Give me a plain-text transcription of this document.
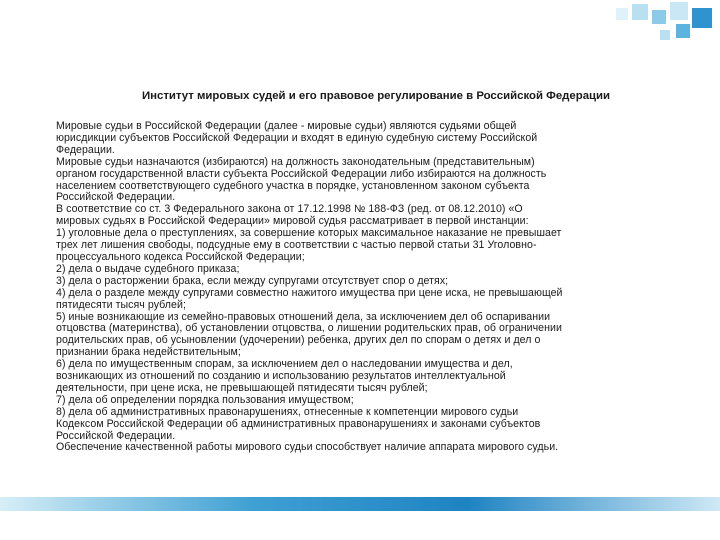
Институт мировых судей и его правовое регулирование в Российской Федерации
Мировые судьи в Российской Федерации (далее - мировые судьи) являются судьями общей
юрисдикции субъектов Российской Федерации и входят в единую судебную систему Российской
Федерации.
Мировые судьи назначаются (избираются) на должность законодательным (представительным)
органом государственной власти субъекта Российской Федерации либо избираются на должность
населением соответствующего судебного участка в порядке, установленном законом субъекта
Российской Федерации.
В соответствие со ст. 3 Федерального закона от 17.12.1998 № 188-ФЗ (ред. от 08.12.2010) «О
мировых судьях в Российской Федерации» мировой судья рассматривает в первой инстанции:
1) уголовные дела о преступлениях, за совершение которых максимальное наказание не превышает
трех лет лишения свободы, подсудные ему в соответствии с частью первой статьи 31 Уголовно-
процессуального кодекса Российской Федерации;
2) дела о выдаче судебного приказа;
3) дела о расторжении брака, если между супругами отсутствует спор о детях;
4) дела о разделе между супругами совместно нажитого имущества при цене иска, не превышающей
пятидесяти тысяч рублей;
5) иные возникающие из семейно-правовых отношений дела, за исключением дел об оспаривании
отцовства (материнства), об установлении отцовства, о лишении родительских прав, об ограничении
родительских прав, об усыновлении (удочерении) ребенка, других дел по спорам о детях и дел о
признании брака недействительным;
6) дела по имущественным спорам, за исключением дел о наследовании имущества и дел,
возникающих из отношений по созданию и использованию результатов интеллектуальной
деятельности, при цене иска, не превышающей пятидесяти тысяч рублей;
7) дела об определении порядка пользования имуществом;
8) дела об административных правонарушениях, отнесенные к компетенции мирового судьи
Кодексом Российской Федерации об административных правонарушениях и законами субъектов
Российской Федерации.
Обеспечение качественной работы мирового судьи способствует наличие аппарата мирового судьи.
